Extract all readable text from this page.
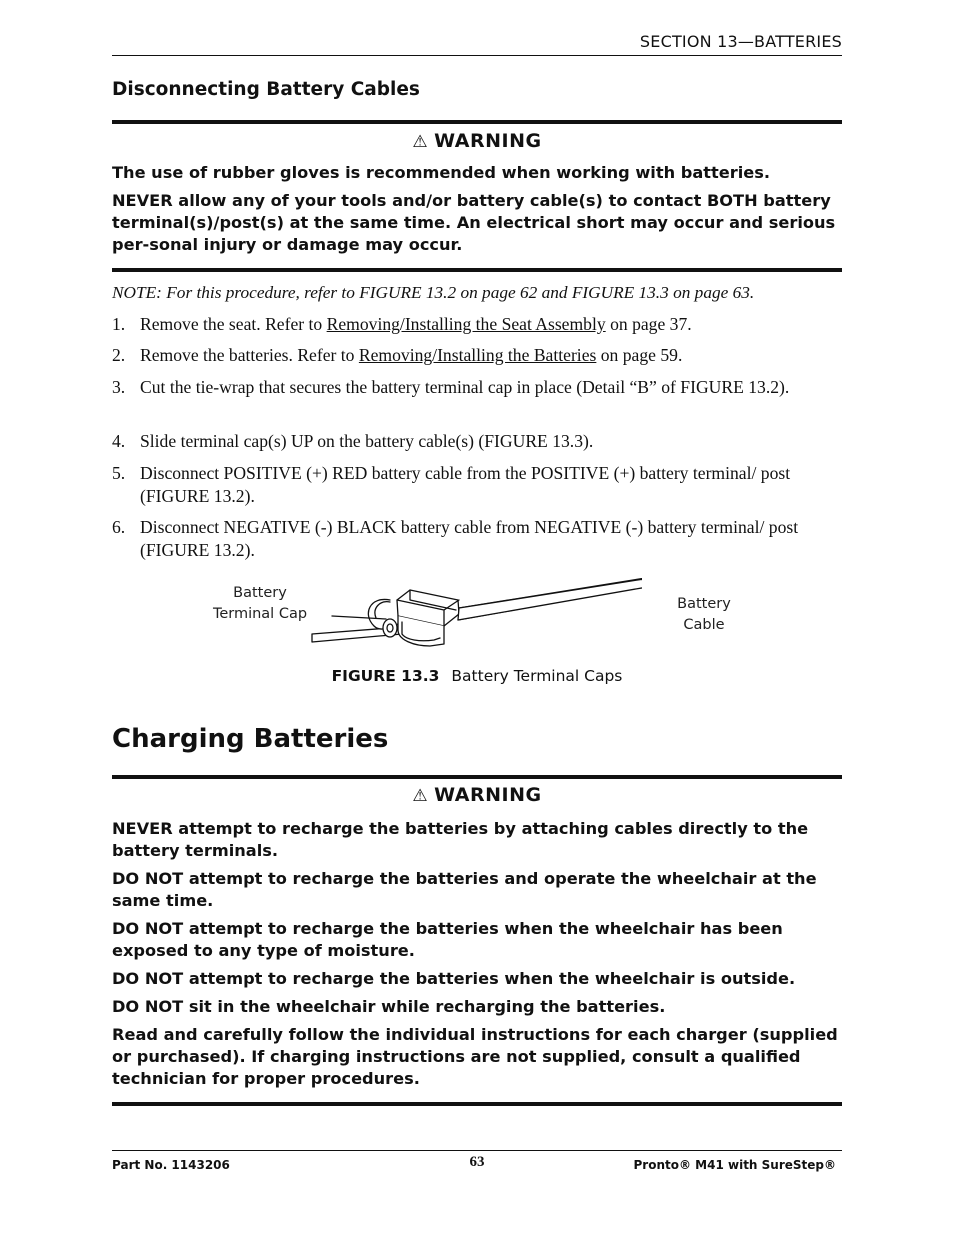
SECTION 13—BATTERIES
Disconnecting Battery Cables
⚠ WARNING
The use of rubber gloves is recommended when working with batteries.
NEVER allow any of your tools and/or battery cable(s) to contact BOTH battery terminal(s)/post(s) at the same time. An electrical short may occur and serious per-sonal injury or damage may occur.
NOTE: For this procedure, refer to FIGURE 13.2 on page 62 and FIGURE 13.3 on page 63.
1. Remove the seat. Refer to Removing/Installing the Seat Assembly on page 37.
2. Remove the batteries. Refer to Removing/Installing the Batteries on page 59.
3. Cut the tie-wrap that secures the battery terminal cap in place (Detail “B” of FIGURE 13.2).
4. Slide terminal cap(s) UP on the battery cable(s) (FIGURE 13.3).
5. Disconnect POSITIVE (+) RED battery cable from the POSITIVE (+) battery terminal/ post (FIGURE 13.2).
6. Disconnect NEGATIVE (-) BLACK battery cable from NEGATIVE (-) battery terminal/ post (FIGURE 13.2).
Battery
Terminal Cap
Battery
Cable
FIGURE 13.3 Battery Terminal Caps
Charging Batteries
⚠ WARNING
NEVER attempt to recharge the batteries by attaching cables directly to the battery terminals.
DO NOT attempt to recharge the batteries and operate the wheelchair at the same time.
DO NOT attempt to recharge the batteries when the wheelchair has been exposed to any type of moisture.
DO NOT attempt to recharge the batteries when the wheelchair is outside.
DO NOT sit in the wheelchair while recharging the batteries.
Read and carefully follow the individual instructions for each charger (supplied or purchased). If charging instructions are not supplied, consult a qualified technician for proper procedures.
Part No. 1143206	63	Pronto® M41 with SureStep®
